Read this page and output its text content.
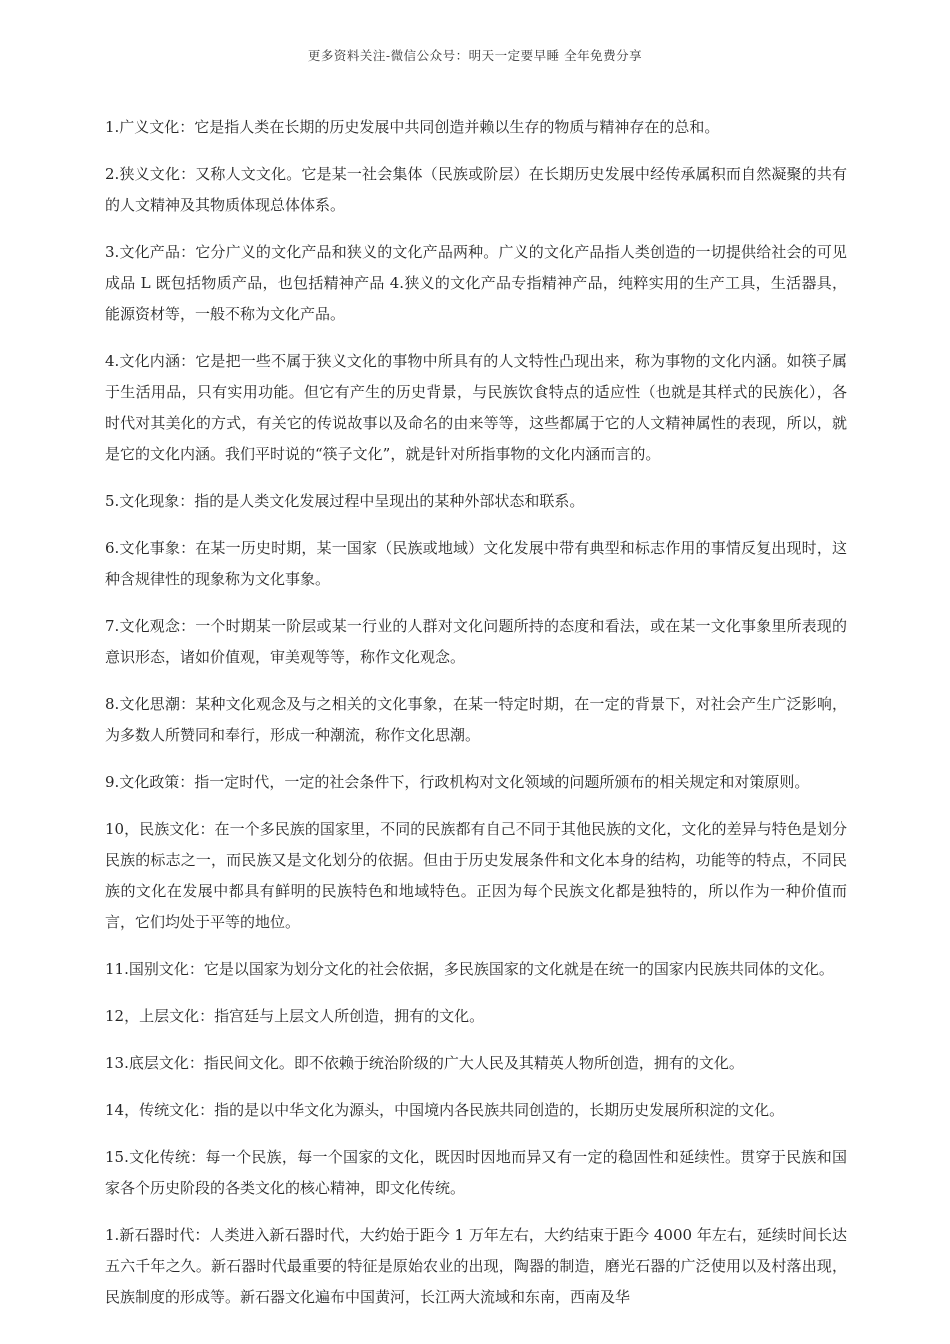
更多资料关注-微信公众号：明天一定要早睡 全年免费分享

1.广义文化：它是指人类在长期的历史发展中共同创造并赖以生存的物质与精神存在的总和。

2.狭义文化：又称人文文化。它是某一社会集体（民族或阶层）在长期历史发展中经传承属积而自然凝聚的共有的人文精神及其物质体现总体体系。

3.文化产品：它分广义的文化产品和狭义的文化产品两种。广义的文化产品指人类创造的一切提供给社会的可见成品 L 既包括物质产品，也包括精神产品 4.狭义的文化产品专指精神产品，纯粹实用的生产工具，生活器具，能源资材等，一般不称为文化产品。

4.文化内涵：它是把一些不属于狭义文化的事物中所具有的人文特性凸现出来，称为事物的文化内涵。如筷子属于生活用品，只有实用功能。但它有产生的历史背景，与民族饮食特点的适应性（也就是其样式的民族化），各时代对其美化的方式，有关它的传说故事以及命名的由来等等，这些都属于它的人文精神属性的表现，所以，就是它的文化内涵。我们平时说的“筷子文化”，就是针对所指事物的文化内涵而言的。

5.文化现象：指的是人类文化发展过程中呈现出的某种外部状态和联系。

6.文化事象：在某一历史时期，某一国家（民族或地域）文化发展中带有典型和标志作用的事情反复出现时，这种含规律性的现象称为文化事象。

7.文化观念：一个时期某一阶层或某一行业的人群对文化问题所持的态度和看法，或在某一文化事象里所表现的意识形态，诸如价值观，审美观等等，称作文化观念。

8.文化思潮：某种文化观念及与之相关的文化事象，在某一特定时期，在一定的背景下，对社会产生广泛影响，为多数人所赞同和奉行，形成一种潮流，称作文化思潮。

9.文化政策：指一定时代，一定的社会条件下，行政机构对文化领域的问题所颁布的相关规定和对策原则。

10，民族文化：在一个多民族的国家里，不同的民族都有自己不同于其他民族的文化，文化的差异与特色是划分民族的标志之一，而民族又是文化划分的依据。但由于历史发展条件和文化本身的结构，功能等的特点，不同民族的文化在发展中都具有鲜明的民族特色和地域特色。正因为每个民族文化都是独特的，所以作为一种价值而言，它们均处于平等的地位。

11.国别文化：它是以国家为划分文化的社会依据，多民族国家的文化就是在统一的国家内民族共同体的文化。

12，上层文化：指宫廷与上层文人所创造，拥有的文化。

13.底层文化：指民间文化。即不依赖于统治阶级的广大人民及其精英人物所创造，拥有的文化。

14，传统文化：指的是以中华文化为源头，中国境内各民族共同创造的，长期历史发展所积淀的文化。

15.文化传统：每一个民族，每一个国家的文化，既因时因地而异又有一定的稳固性和延续性。贯穿于民族和国家各个历史阶段的各类文化的核心精神，即文化传统。

1.新石器时代：人类进入新石器时代，大约始于距今 1 万年左右，大约结束于距今 4000 年左右，延续时间长达五六千年之久。新石器时代最重要的特征是原始农业的出现，陶器的制造，磨光石器的广泛使用以及村落出现，民族制度的形成等。新石器文化遍布中国黄河，长江两大流域和东南，西南及华
